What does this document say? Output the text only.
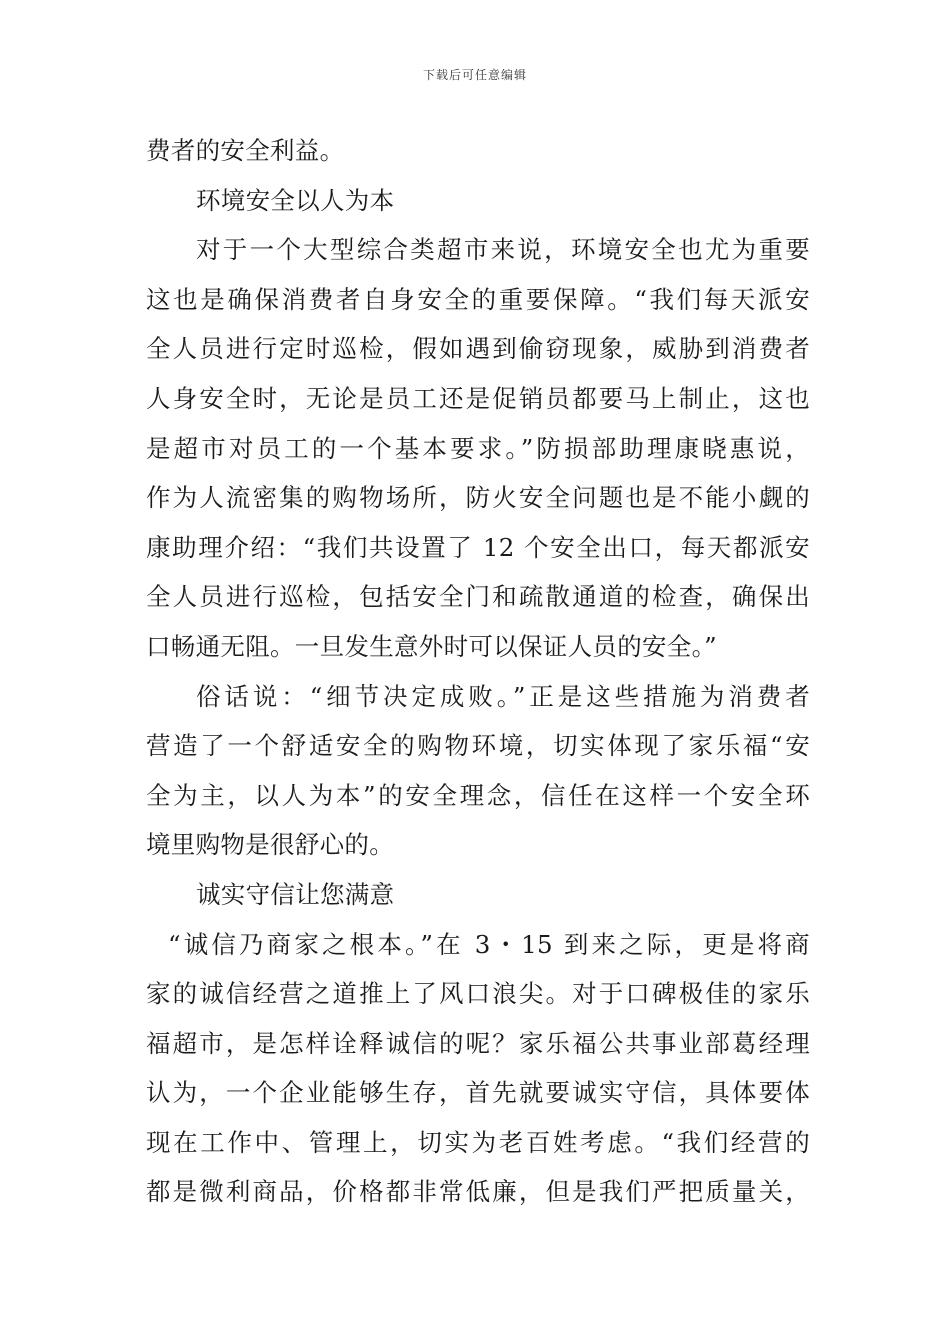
下载后可任意编辑
费者的安全利益。
环境安全以人为本
对于一个大型综合类超市来说，环境安全也尤为重要
这也是确保消费者自身安全的重要保障。“我们每天派安
全人员进行定时巡检，假如遇到偷窃现象，威胁到消费者
人身安全时，无论是员工还是促销员都要马上制止，这也
是超市对员工的一个基本要求。”防损部助理康晓惠说，
作为人流密集的购物场所，防火安全问题也是不能小觑的
康助理介绍：“我们共设置了 12 个安全出口，每天都派安
全人员进行巡检，包括安全门和疏散通道的检查，确保出
口畅通无阻。一旦发生意外时可以保证人员的安全。”
俗话说：“细节决定成败。”正是这些措施为消费者
营造了一个舒适安全的购物环境，切实体现了家乐福“安
全为主，以人为本”的安全理念，信任在这样一个安全环
境里购物是很舒心的。
诚实守信让您满意
“诚信乃商家之根本。”在 3・15 到来之际，更是将商
家的诚信经营之道推上了风口浪尖。对于口碑极佳的家乐
福超市，是怎样诠释诚信的呢？家乐福公共事业部葛经理
认为，一个企业能够生存，首先就要诚实守信，具体要体
现在工作中、管理上，切实为老百姓考虑。“我们经营的
都是微利商品，价格都非常低廉，但是我们严把质量关，
